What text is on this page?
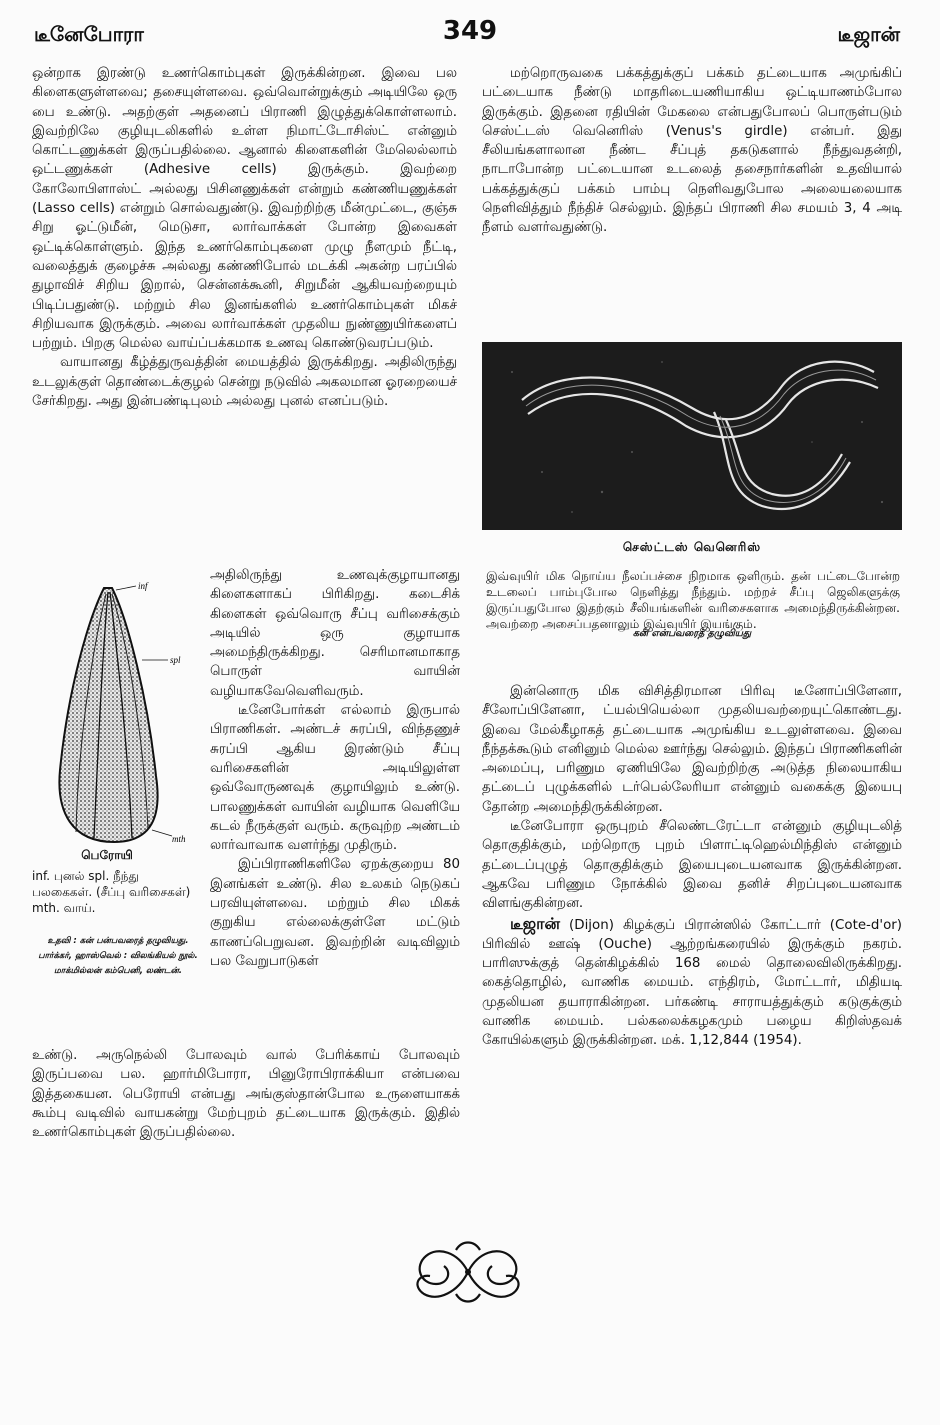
டீனேபோரா	349	டீஜான்

ஒன்றாக இரண்டு உணர்கொம்புகள் இருக்கின்றன. இவை பல கிளைகளுள்ளவை; தசையுள்ளவை. ஒவ்வொன்றுக்கும் அடியிலே ஒரு பை உண்டு. அதற்குள் அதனைப் பிராணி இழுத்துக்கொள்ளலாம். இவற்றிலே குழியுடலிகளில் உள்ள நிமாட்டோசிஸ்ட் என்னும் கொட்டணுக்கள் இருப்பதில்லை. ஆனால் கிளைகளின் மேலெல்லாம் ஒட்டணுக்கள் (Adhesive cells) இருக்கும். இவற்றை கோலோபிளாஸ்ட் அல்லது பிசினணுக்கள் என்றும் கண்ணியணுக்கள் (Lasso cells) என்றும் சொல்வதுண்டு. இவற்றிற்கு மீன்முட்டை, குஞ்சு சிறு ஓட்டுமீன், மெடுசா, லார்வாக்கள் போன்ற இவைகள் ஒட்டிக்கொள்ளும். இந்த உணர்கொம்புகளை முழு நீளமும் நீட்டி, வலைத்துக் குழைச்சு அல்லது கண்ணிபோல் மடக்கி அகன்ற பரப்பில் துழாவிச் சிறிய இறால், சென்னக்கூனி, சிறுமீன் ஆகியவற்றையும் பிடிப்பதுண்டு. மற்றும் சில இனங்களில் உணர்கொம்புகள் மிகச் சிறியவாக இருக்கும். அவை லார்வாக்கள் முதலிய நுண்ணுயிர்களைப் பற்றும். பிறகு மெல்ல வாய்ப்பக்கமாக உணவு கொண்டுவரப்படும்.

வாயானது கீழ்த்துருவத்தின் மையத்தில் இருக்கிறது. அதிலிருந்து உடலுக்குள் தொண்டைக்குழல் சென்று நடுவில் அகலமான ஓரறையைச் சேர்கிறது. அது இன்பண்டிபுலம் அல்லது புனல் எனப்படும்.

inf
spl
mth
பெரோயி
inf. புனல் spl. நீந்து பலகைகள். (சீப்பு வரிசைகள்) mth. வாய்.
உதவி : கன் பன்பவரைத் தழுவியது. பார்க்கர், ஹாஸ்வெல் : விலங்கியல் நூல். மாக்மில்லன் கம்பெனி, லண்டன்.

அதிலிருந்து உணவுக்குழாயானது கிளைகளாகப் பிரிகிறது. கடைசிக் கிளைகள் ஒவ்வொரு சீப்பு வரிசைக்கும் அடியில் ஒரு குழாயாக அமைந்திருக்கிறது. செரிமானமாகாத பொருள் வாயின் வழியாகவேவெளிவரும்.

டீனேபோர்கள் எல்லாம் இருபால் பிராணிகள். அண்டச் சுரப்பி, விந்தணுச் சுரப்பி ஆகிய இரண்டும் சீப்பு வரிசைகளின் அடியிலுள்ள ஒவ்வோருணவுக் குழாயிலும் உண்டு. பாலணுக்கள் வாயின் வழியாக வெளியே கடல் நீருக்குள் வரும். கருவுற்ற அண்டம் லார்வாவாக வளர்ந்து முதிரும்.

இப்பிராணிகளிலே ஏறக்குறைய 80 இனங்கள் உண்டு. சில உலகம் நெடுகப் பரவியுள்ளவை. மற்றும் சில மிகக் குறுகிய எல்லைக்குள்ளே மட்டும் காணப்பெறுவன. இவற்றின் வடிவிலும் பல வேறுபாடுகள்

உண்டு. அருநெல்லி போலவும் வால் பேரிக்காய் போலவும் இருப்பவை பல. ஹார்மிபோரா, பினுரோபிராக்கியா என்பவை இத்தகையன. பெரோயி என்பது அங்குஸ்தான்போல உருளையாகக் கூம்பு வடிவில் வாயகன்று மேற்புறம் தட்டையாக இருக்கும். இதில் உணர்கொம்புகள் இருப்பதில்லை.

மற்றொருவகை பக்கத்துக்குப் பக்கம் தட்டையாக அமுங்கிப் பட்டையாக நீண்டு மாதரிடையணியாகிய ஒட்டியாணம்போல இருக்கும். இதனை ரதியின் மேகலை என்பதுபோலப் பொருள்படும் செஸ்ட்டஸ் வெனெரிஸ் (Venus's girdle) என்பர். இது சீலியங்களாலான நீண்ட சீப்புத் தகடுகளால் நீந்துவதன்றி, நாடாபோன்ற பட்டையான உடலைத் தசைநார்களின் உதவியால் பக்கத்துக்குப் பக்கம் பாம்பு நெளிவதுபோல அலையலையாக நெளிவித்தும் நீந்திச் செல்லும். இந்தப் பிராணி சில சமயம் 3, 4 அடி நீளம் வளர்வதுண்டு.

செஸ்ட்டஸ் வெனெரிஸ்
இவ்வுயிர் மிக நொய்ய நீலப்பச்சை நிறமாக ஒளிரும். தன் பட்டைபோன்ற உடலைப் பாம்புபோல நெளித்து நீந்தும். மற்றச் சீப்பு ஜெலிகளுக்கு இருப்பதுபோல இதற்கும் சீலியங்களின் வரிசைகளாக அமைந்திருக்கின்றன. அவற்றை அசைப்பதனாலும் இவ்வுயிர் இயங்கும்.
கன் என்பவரைத் தழுவியது

இன்னொரு மிக விசித்திரமான பிரிவு டீனோப்பிளேனா, சீலோப்பிளேனா, ட்யல்பியெல்லா முதலியவற்றையுட்கொண்டது. இவை மேல்கீழாகத் தட்டையாக அமுங்கிய உடலுள்ளவை. இவை நீந்தக்கூடும் எனினும் மெல்ல ஊர்ந்து செல்லும். இந்தப் பிராணிகளின் அமைப்பு, பரிணும ஏணியிலே இவற்றிற்கு அடுத்த நிலையாகிய தட்டைப் புழுக்களில் டர்பெல்லேரியா என்னும் வகைக்கு இயைபு தோன்ற அமைந்திருக்கின்றன.

டீனேபோரா ஒருபுறம் சீலெண்டரேட்டா என்னும் குழியுடலித் தொகுதிக்கும், மற்றொரு புறம் பிளாட்டிஹெல்மிந்திஸ் என்னும் தட்டைப்புழுத் தொகுதிக்கும் இயைபுடையனவாக இருக்கின்றன. ஆகவே பரிணும நோக்கில் இவை தனிச் சிறப்புடையனவாக விளங்குகின்றன.

டீஜான் (Dijon) கிழக்குப் பிரான்ஸில் கோட்டார் (Cote-d'or) பிரிவில் ஊஷ் (Ouche) ஆற்றங்கரையில் இருக்கும் நகரம். பாரிஸுக்குத் தென்கிழக்கில் 168 மைல் தொலைவிலிருக்கிறது. கைத்தொழில், வாணிக மையம். எந்திரம், மோட்டார், மிதியடி முதலியன தயாராகின்றன. பர்கண்டி சாராயத்துக்கும் கடுகுக்கும் வாணிக மையம். பல்கலைக்கழகமும் பழைய கிறிஸ்தவக் கோயில்களும் இருக்கின்றன. மக். 1,12,844 (1954).
